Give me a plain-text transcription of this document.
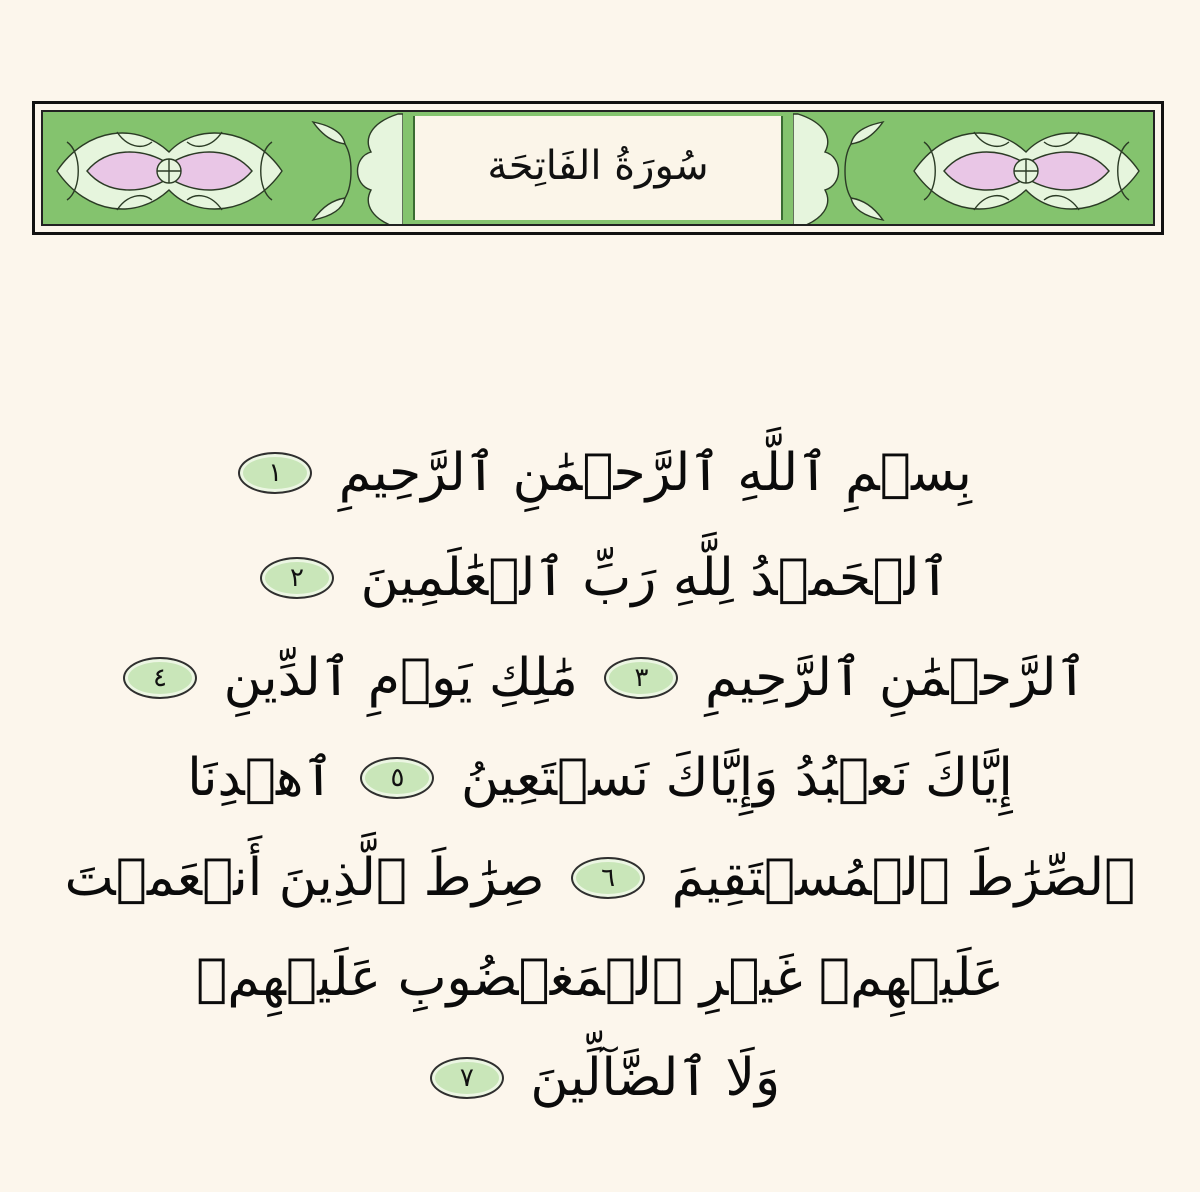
سُورَةُ الفَاتِحَة
بِسۡمِ ٱللَّهِ ٱلرَّحۡمَٰنِ ٱلرَّحِيمِ ١
ٱلۡحَمۡدُ لِلَّهِ رَبِّ ٱلۡعَٰلَمِينَ ٢
ٱلرَّحۡمَٰنِ ٱلرَّحِيمِ ٣ مَٰلِكِ يَوۡمِ ٱلدِّينِ ٤
إِيَّاكَ نَعۡبُدُ وَإِيَّاكَ نَسۡتَعِينُ ٥ ٱهۡدِنَا
ٱلصِّرَٰطَ ٱلۡمُسۡتَقِيمَ ٦ صِرَٰطَ ٱلَّذِينَ أَنۡعَمۡتَ
عَلَيۡهِمۡ غَيۡرِ ٱلۡمَغۡضُوبِ عَلَيۡهِمۡ
وَلَا ٱلضَّآلِّينَ ٧
